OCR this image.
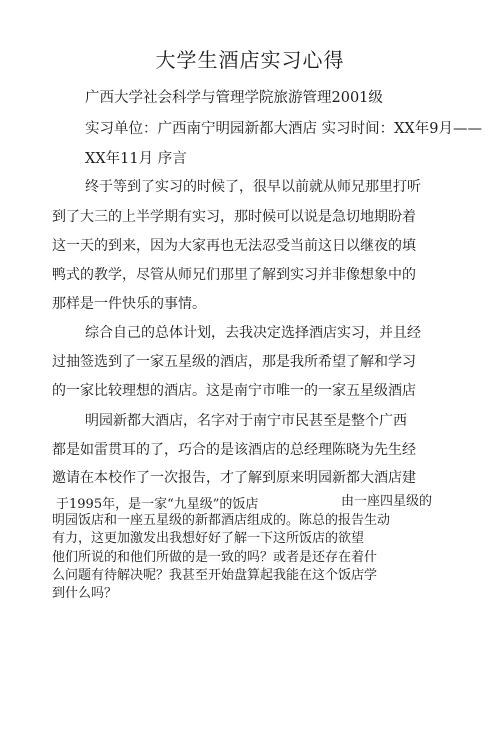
大学生酒店实习心得
广西大学社会科学与管理学院旅游管理2001级
实习单位：广西南宁明园新都大酒店 实习时间：XX年9月——
XX年11月 序言
终于等到了实习的时候了，很早以前就从师兄那里打听
到了大三的上半学期有实习，那时候可以说是急切地期盼着
这一天的到来，因为大家再也无法忍受当前这日以继夜的填
鸭式的教学，尽管从师兄们那里了解到实习并非像想象中的
那样是一件快乐的事情。
综合自己的总体计划，去我决定选择酒店实习，并且经
过抽签选到了一家五星级的酒店，那是我所希望了解和学习
的一家比较理想的酒店。这是南宁市唯一的一家五星级酒店
明园新都大酒店，名字对于南宁市民甚至是整个广西
都是如雷贯耳的了，巧合的是该酒店的总经理陈晓为先生经
邀请在本校作了一次报告，才了解到原来明园新都大酒店建
于1995年，是一家“九星级”的饭店	由一座四星级的
明园饭店和一座五星级的新都酒店组成的。陈总的报告生动
有力，这更加激发出我想好好了解一下这所饭店的欲望
他们所说的和他们所做的是一致的吗？或者是还存在着什
么问题有待解决呢？我甚至开始盘算起我能在这个饭店学
到什么吗？
